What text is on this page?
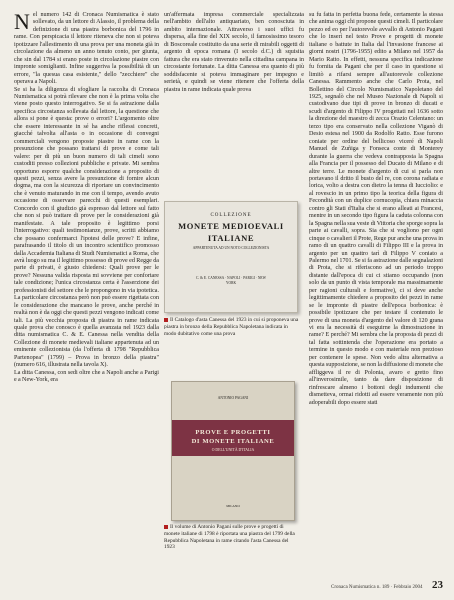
N el numero 142 di Cronaca Numismatica è stato sollevato, da un lettore di Alassio, il problema della definizione di una piastra borbonica del 1796 in rame. Con perspicacia il lettore riteneva che non si poteva ipotizzare l'allestimento di una prova per una moneta già in circolazione da almeno un anno tenuto conto, per giunta, che sin dal 1784 si erano poste in circolazione piastre con impronte somiglianti. Infine suggeriva la possibilità di un errore, "la quesua casa esistente," dello "zecchiere" che operava a Napoli.

Se si ha la diligenza di sfogliare la raccolta di Cronaca Numismatica si potrà rilevare che non è la prima volta che viene posto questo interrogativo. Se si fa astrazione dalla specifica circostanza sollevata dal lettore, la questione che allora si pone è questa: prove o errori? L'argomento oltre che essere interessante in sé ha anche riflessi concreti, giacché talvolta all'asta o in occasione di convegni commerciali vengono proposte piastre in rame con la presunzione che possano trattarsi di prove e come tali valere: per di più un buon numero di tali cimeli sono custoditi presso collezioni pubbliche e private. Mi sembra opportuno esporre qualche considerazione a proposito di questi pezzi, senza avere la presunzione di fornire alcun dogma, ma con la sicurezza di riportare un convincimento che è venuto maturando in me con il tempo, avendo avuto occasione di osservare parecchi di questi esemplari. Concordo con il giudizio già espresso dal lettore sul fatto che non si può trattare di prove per le considerazioni già manifestate. A tale proposito è legittimo porsi l'interrogativo: quali testimonianze, prove, scritti abbiamo che possano confermarci l'ipotesi delle prove? E infine, parafrasando il titolo di un incontro scientifico promosso dalla Accademia Italiana di Studi Numismatici a Roma, che avrà luogo su ma il legittimo possesso di prove ed Regge da parte di privati, è giusto chiedersi: Quali prove per le prove? Nessuna valida risposta mi sovviene per confortare tale condizione; l'unica circostanza certa è l'asserzione dei professionisti del settore che le propongono in via ipotetica. La particolare circostanza però non può essere rigettata con le considerazione che mancano le prove, anche perché in realtà non è da oggi che questi pezzi vengono indicati come tali. La più vecchia proposta di piastra in rame indicata quale prova che conosco è quella avanzata nel 1923 dalla ditta numismatica C. & E. Canessa nella vendita della Collezione di monete medievali italiane appartenuta ad un eminente collezionista (da l'offerta di 1798 "Repubblica Partenopea" (1799) – Prova in bronzo della piastra" (numero 616, illustrata nella tavola X).

La ditta Canessa, con sedi oltre che a Napoli anche a Parigi e a New-York, era

un'affermata impresa commerciale specializzata nell'ambito dell'alto antiquariato, ben conosciuta in ambito internazionale. Attraverso i suoi uffici fu dispersa, alla fine del XIX secolo, il famosissimo tesoro di Boscoreale costituito da una serie di mirabili oggetti di argento di epoca romana (I secolo d.C.) di squisita fattura che era stato rinvenuto nella cittadina campana in circostante fortunate. La ditta Canessa era quanto di più soddisfacente si poteva immaginare per impegno e serietà, e quindi se viene ritenere che l'offerta della piastra in rame indicata quale prova

COLLEZIONE
MONETE MEDIOEVALI
ITALIANE
APPARTENUTA AD UN NOTO COLLEZIONISTA
C. & E. CANESSA · NAPOLI · PARIGI · NEW YORK
Il Catalogo d'asta Canessa del 1923 in cui si proponeva una piastra in bronzo della Repubblica Napoletana indicata in modo dubitativo come una prova
ANTONIO PAGANI
PROVE E PROGETTI
DI MONETE ITALIANE
O DELL'UNITÀ D'ITALIA
MILANO
Il volume di Antonio Pagani sulle prove e progetti di monete italiane di 1798 è riportata una piastra del 1799 della Repubblica Napoletana in rame citando l'asta Canessa del 1923

su fu fatta in perfetta buona fede, certamente la stessa che anima oggi chi propone questi cimeli. Il particolare pezzo ed eo per l'autorevole avvallo di Antonio Pagani che lo inserì nel testo Prove e progetti di monete italiane o battute in Italia dal l'invasione francese ai giorni nostri (1796-1955) edito a Milano nel 1957 da Mario Ratto. In effetti, nessuna specifica indicazione fu fornita da Pagani che per il caso in questione si limitò a rifarsi sempre all'autorevole collezione Canessa. Rammento anche che Carlo Prota, nel Bollettino del Circolo Numismatico Napoletano del 1925, segnalò che nel Museo Nazionale di Napoli si custodivano due tipi di prove in bronzo di ducati e scudi d'argento di Filippo IV progettati nel 1636 sotto la direzione del maestro di zecca Orazio Celentano: un terzo tipo era conservato nella collezione Viganò di Desio estesa nel 1900 da Rodolfo Ratto. Esse furono coniate per ordine del bellicoso viceré di Napoli Manuel de Zuñiga y Fonseca conte di Monterey durante la guerra che vedeva contrapposta la Spagna alla Francia per il possesso del Ducato di Milano e di altre terre. Le monete d'argento di cui si parla non portavano il dritto il busto del re, con corona radiata e lorica, volto a destra con dietro la tenna di Iucciolio: e al rovescio in un primo tipo la teorica della figura di Fecondità con un duplice cornucopia, chiara minaccia contro gli Stati d'Italia che si erano alleati ai Francesi, mentre in un secondo tipo figura la caduta colonna con la Spagna nella sua veste di Vittoria che sporge sopra la parte ai cavalli, sopra. Sia che si vogliono per ogni cinque o cavalieri il Prote, Rege pur anche una prova in ramo di un quattro cavalli di Filippo III e la prova in argento per un quattro tarì di Filippo V coniato a Palermo nel 1701. Se si fa astrazione dalle segnalazioni di Prota, che si riferiscono ad un periodo troppo distante dall'epoca di cui ci stiamo occupando (non solo da un punto di vista temporale ma massimamente per ragioni culturali e formative), ci si deve anche legittimamente chiedere a proposito dei pezzi in rame se le impronte di piastre dell'epoca borbonica: è possibile ipotizzare che per testare il contenuto le prove di una moneta d'argento del valore di 120 grana vi era la necessità di eseguirne la dimostrazione in rame? E perché? Mi sembra che la proposta di pezzi di tal fatta sottintenda che l'operazione era portato a termine in questo modo e con materiale non prezioso per contenere le spese. Non vedo altra alternativa a questa supposizione, se non la diffusione di monete che affliggeva il re di Polonia, avaro e gretto fino all'inverosimile, tanto da dare disposizione di rinfrescare almeno i bottoni degli indumenti che dismetteva, ormai ridotti ad essere veramente non più adoperabili dopo essere stati

Cronaca Numismatica n. 189 · Febbraio 2004 23
